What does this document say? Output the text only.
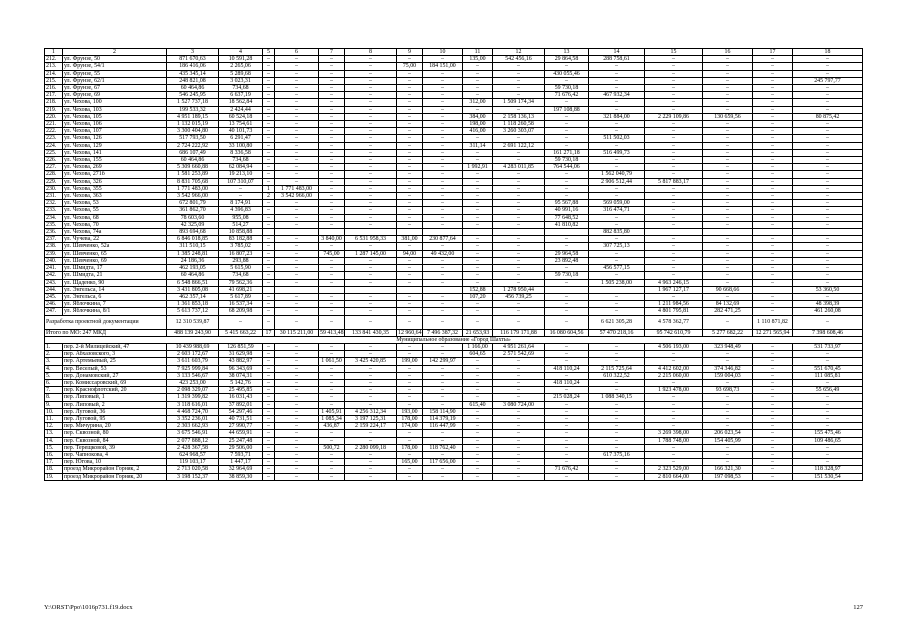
1	2	3	4	5	6	7	8	9	10	11	12	13	14	15	16	17	18
212.	ул. Фрунзе, 50	871 670,63	10 591,28	–	–	–	–	–	–	135,00	542 456,16	29 864,58	288 758,61	–	–	–	–
213.	ул. Фрунзе, 54/1	186 416,06	2 265,06	–	–	–	–	75,00	184 151,00	–	–	–	–	–	–	–	–
214.	ул. Фрунзе, 55	435 345,14	5 289,68	–	–	–	–	–	–	–	–	430 055,46	–	–	–	–	–
215.	ул. Фрунзе, 62/1	248 821,08	3 023,31	–	–	–	–	–	–	–	–	–	–	–	–	–	245 797,77
216.	ул. Фрунзе, 67	60 464,86	734,68	–	–	–	–	–	–	–	–	59 730,18	–	–	–	–	–
217.	ул. Фрунзе, 69	546 245,95	6 637,19	–	–	–	–	–	–	–	–	71 676,42	467 932,34	–	–	–	–
218.	ул. Чехова, 100	1 527 737,18	18 562,84	–	–	–	–	–	–	312,00	1 509 174,34	–	–	–	–	–	–
219.	ул. Чехова, 103	199 533,32	2 424,44	–	–	–	–	–	–	–	–	197 108,88	–	–	–	–	–
220.	ул. Чехова, 105	4 951 189,15	60 524,18	–	–	–	–	–	–	384,00	2 158 136,13	–	321 884,00	2 229 109,86	130 659,56	–	80 875,42
221.	ул. Чехова, 106	1 132 015,19	13 754,61	–	–	–	–	–	–	198,00	1 118 260,58	–	–	–	–	–	–
222.	ул. Чехова, 107	3 300 404,80	40 101,73	–	–	–	–	–	–	416,00	3 260 303,07	–	–	–	–	–	–
223.	ул. Чехова, 126	517 793,50	6 291,47	–	–	–	–	–	–	–	–	–	511 502,03	–	–	–	–
224.	ул. Чехова, 129	2 724 222,92	33 100,80	–	–	–	–	–	–	311,14	2 691 122,12	–	–	–	–	–	–
225.	ул. Чехова, 141	686 107,49	8 336,58	–	–	–	–	–	–	–	–	161 271,18	516 499,73	–	–	–	–
226.	ул. Чехова, 155	60 464,86	734,68	–	–	–	–	–	–	–	–	59 730,18	–	–	–	–	–
227.	ул. Чехова, 269	5 309 660,88	62 084,94	–	–	–	–	–	–	1 992,91	4 283 011,85	764 544,06	–	–	–	–	–
228.	ул. Чехова, 271б	1 581 253,89	19 213,10	–	–	–	–	–	–	–	–	–	1 562 040,79	–	–	–	–
229.	ул. Чехова, 326	8 831 705,68	107 310,07	–	–	–	–	–	–	–	–	–	2 906 512,44	5 817 883,17	–	–	–
230.	ул. Чехова, 355	1 771 483,00	–	1	1 771 483,00	–	–	–	–	–	–	–	–	–	–	–	–
231.	ул. Чехова, 363	3 542 966,00	–	2	3 542 966,00	–	–	–	–	–	–	–	–	–	–	–	–
232.	ул. Чехова, 53	672 801,79	8 174,91	–	–	–	–	–	–	–	–	95 567,88	569 059,00	–	–	–	–
233.	ул. Чехова, 55	361 862,70	4 396,83	–	–	–	–	–	–	–	–	40 991,16	316 474,71	–	–	–	–
234.	ул. Чехова, 68	78 603,60	955,08	–	–	–	–	–	–	–	–	77 648,52	–	–	–	–	–
235.	ул. Чехова, 70	42 325,09	514,27	–	–	–	–	–	–	–	–	41 810,82	–	–	–	–	–
236.	ул. Чехова, 74а	893 694,68	10 858,88										882 835,80				
237.	ул. Чучева, 22	6 846 018,85	83 182,88	–	–	3 840,00	6 531 958,33	381,00	230 877,64	–	–	–	–	–	–	–	–
238.	ул. Шевченко, 52а	311 510,15	3 785,02	–	–	–	–	–	–	–	–	–	307 725,13	–	–	–	–
239.	ул. Шевченко, 65	1 385 248,81	16 807,23	–	–	745,00	1 287 145,00	94,00	49 432,00	–	–	29 964,58	–	–	–	–	–
240.	ул. Шевченко, 69	24 186,36	293,88	–	–	–	–	–	–	–	–	23 892,48	–	–	–	–	–
241.	ул. Шмидта, 17	462 193,05	5 615,90	–	–	–	–	–	–	–	–	–	456 577,15	–	–	–	–
242.	ул. Шмидта, 21	60 464,86	734,68	–	–	–	–	–	–	–	–	59 730,18	–	–	–	–	–
243.	ул. Щаденко, 90	6 548 866,51	79 562,36	–	–	–	–	–	–	–	–	–	1 505 238,00	4 963 246,15	–	–	–
244.	ул. Энгельса, 14	3 431 805,08	41 698,21							152,88	1 278 950,44			1 967 127,17	90 668,66		53 360,50
245.	ул. Энгельса, 6	462 357,14	5 617,89	–	–	–	–	–	–	107,20	456 739,25	–	–	–	–	–	–
246.	ул. Яблочкина, 7	1 361 853,18	16 537,34	–	–	–	–	–	–	–	–	–	–	1 211 984,56	84 132,69	–	48 398,39
247.	ул. Яблочкина, 8/1	5 613 737,12	68 209,98	–	–	–	–	–	–	–	–	–	–	4 801 795,81	282 471,25	–	461 260,08
Разработка проектной документации		12 310 539,87	–	–	–	–	–	–	–	–	–	–	6 621 305,28	4 578 362,77	–	1 110 871,82	–
Итого по МО: 247 МКД		488 139 243,90	5 415 663,22	17	30 115 211,00	59 413,48	133 841 430,35	12 960,64	7 496 387,32	21 653,93	116 179 171,88	16 080 604,56	57 470 218,16	95 742 610,79	5 277 682,22	12 271 565,94	7 398 608,46
Муниципальное образование «Город Шахты»																	
1.	пер. 2-й Милицейский, 47	10 439 988,69	126 851,59	–	–	–	–	–	–	1 166,00	4 951 261,64	–	–	4 506 193,00	323 948,49	–	531 733,97
2.	пер. Абхазовского, 3	2 603 172,67	31 629,98	–	–	–	–	–	–	604,65	2 571 542,69	–	–	–	–	–	–
3.	пер. Артемьевый, 25	3 611 603,79	43 882,97	–	–	1 061,50	3 425 420,85	199,00	142 299,97	–	–	–	–	–	–	–	–
4.	пер. Веселый, 53	7 925 999,84	96 343,69	–	–	–	–	–	–	–	–	418 110,24	2 115 725,64	4 412 602,00	374 346,82	–	551 670,45
5.	пер. Донамовский, 27	3 133 546,67	38 074,31	–	–	–	–	–	–	–	–	–	610 322,52	2 215 060,00	159 004,03	–	111 085,81
6.	пер. Комиссаровский, 69	423 253,00	5 142,76	–	–	–	–	–	–	–	–	418 110,24	–	–	–	–	–
7.	пер. Краснофлотский, 20	2 098 329,07	25 495,85	–	–	–	–	–	–	–	–	–	–	1 923 478,00	93 698,73	–	55 656,49
8.	пер. Липовый, 1	1 319 399,82	16 031,43	–	–	–	–	–	–	–	–	215 028,24	1 088 340,15	–	–	–	–
9.	пер. Липовый, 2	3 118 616,01	37 892,01	–	–	–	–	–	–	615,40	3 080 724,00	–	–	–	–	–	–
10.	пер. Луговой, 36	4 468 724,70	54 297,46	–	–	1 405,91	4 256 312,34	193,00	158 114,90	–	–	–	–	–	–	–	–
11.	пер. Луговой, 95	3 352 236,01	40 731,51	–	–	1 085,34	3 197 125,31	178,00	114 379,19	–	–	–	–	–	–	–	–
12.	пер. Мичурина, 20	2 303 662,93	27 990,77	–	–	436,87	2 159 224,17	174,00	116 447,99	–	–	–	–	–	–	–	–
13.	пер. Сквозной, 80	3 675 546,91	44 659,91	–	–	–	–	–	–	–	–	–	–	3 269 398,00	206 023,54	–	155 475,46
14.	пер. Сквозной, 84	2 077 888,12	25 247,48	–	–	–	–	–	–	–	–	–	–	1 788 748,00	154 405,99	–	109 486,65
15.	пер. Терещковой, 39	2 428 367,58	29 506,00	–	–	500,72	2 280 099,18	178,00	118 762,40	–	–	–	–	–	–	–	–
16.	пер. Чапнокова, 4	624 968,57	7 593,71	–	–	–	–	–	–	–	–	–	617 375,16	–	–	–	–
17.	пер. Югова, 10	119 103,17	1 447,17	–	–	–	–	165,00	117 656,00	–	–	–	–	–	–	–	–
18.	проезд Микрорайон Горняк, 2	2 713 020,58	32 964,69	–	–	–	–	–	–	–	–	71 676,42	–	2 323 529,00	166 321,30	–	118 328,97
19.	проезд Микрорайон Горняк, 20	3 198 152,37	38 859,30	–	–	–	–	–	–	–	–	–	–	2 810 664,00	197 098,53	–	151 530,54
Y:\ORST\Ppo\1016p731.f19.docx	127
